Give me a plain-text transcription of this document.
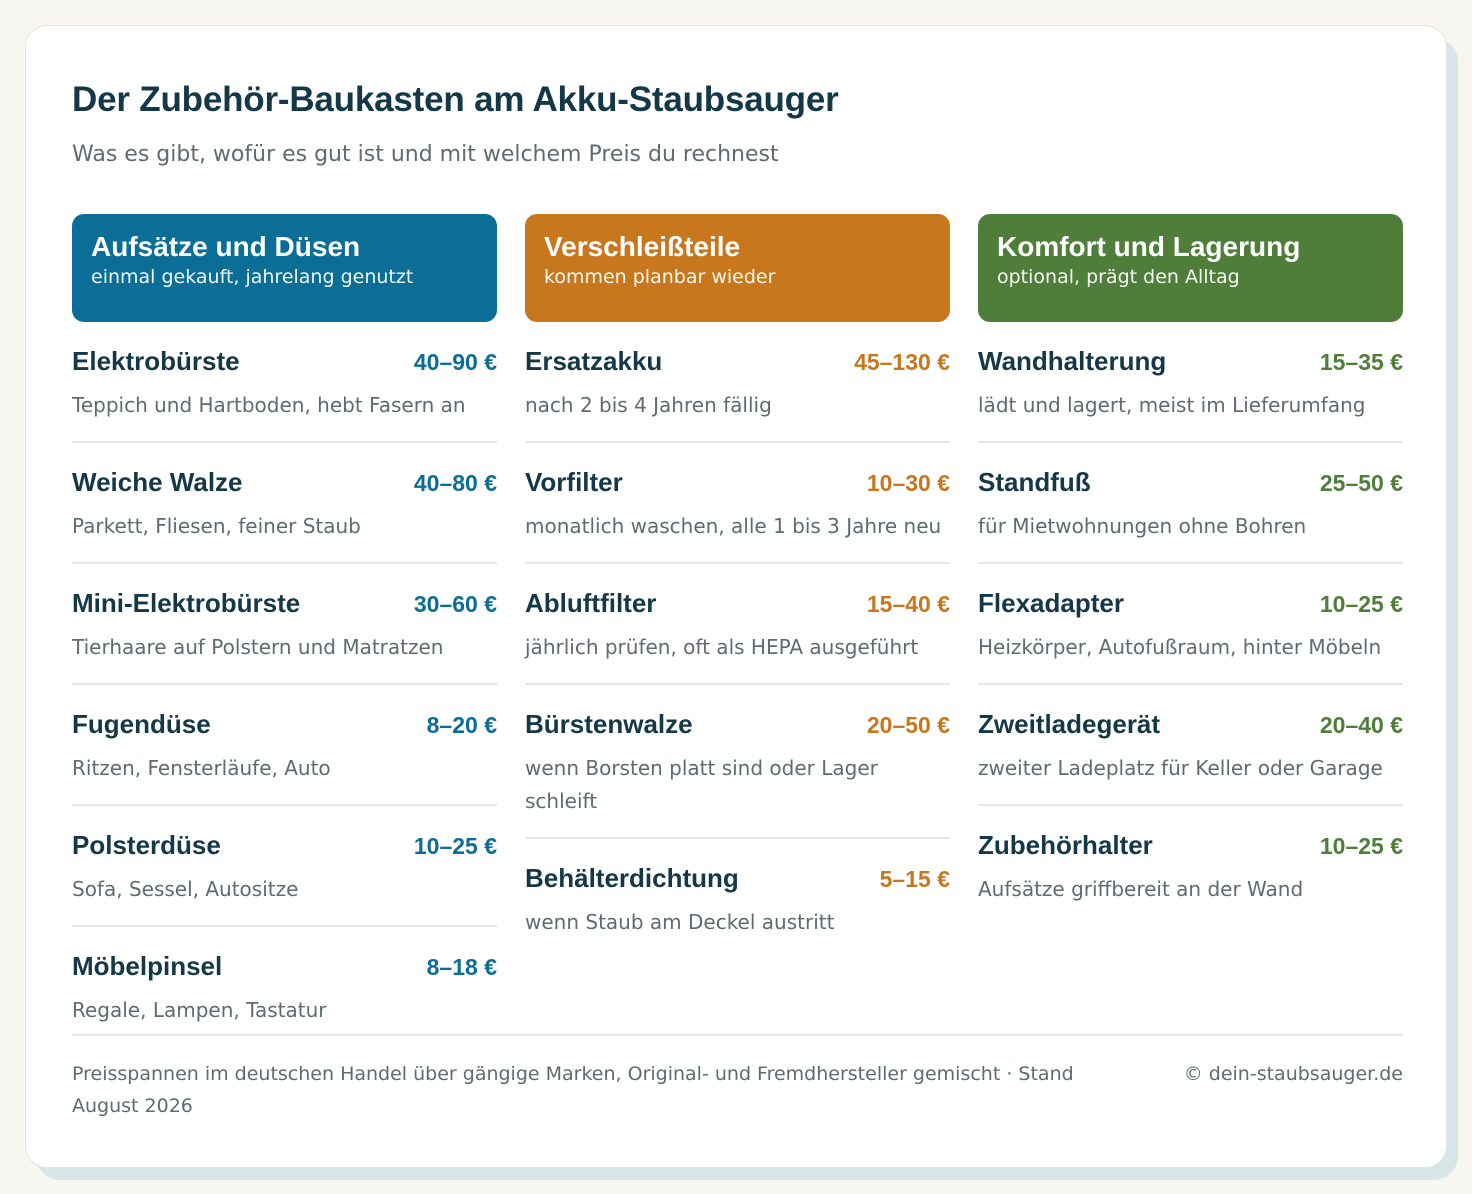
Der Zubehör-Baukasten am Akku-Staubsauger
Was es gibt, wofür es gut ist und mit welchem Preis du rechnest
Aufsätze und Düsen
einmal gekauft, jahrelang genutzt
Elektrobürste	40–90 €
Teppich und Hartboden, hebt Fasern an
Weiche Walze	40–80 €
Parkett, Fliesen, feiner Staub
Mini-Elektrobürste	30–60 €
Tierhaare auf Polstern und Matratzen
Fugendüse	8–20 €
Ritzen, Fensterläufe, Auto
Polsterdüse	10–25 €
Sofa, Sessel, Autositze
Möbelpinsel	8–18 €
Regale, Lampen, Tastatur
Verschleißteile
kommen planbar wieder
Ersatzakku	45–130 €
nach 2 bis 4 Jahren fällig
Vorfilter	10–30 €
monatlich waschen, alle 1 bis 3 Jahre neu
Abluftfilter	15–40 €
jährlich prüfen, oft als HEPA ausgeführt
Bürstenwalze	20–50 €
wenn Borsten platt sind oder Lager schleift
Behälterdichtung	5–15 €
wenn Staub am Deckel austritt
Komfort und Lagerung
optional, prägt den Alltag
Wandhalterung	15–35 €
lädt und lagert, meist im Lieferumfang
Standfuß	25–50 €
für Mietwohnungen ohne Bohren
Flexadapter	10–25 €
Heizkörper, Autofußraum, hinter Möbeln
Zweitladegerät	20–40 €
zweiter Ladeplatz für Keller oder Garage
Zubehörhalter	10–25 €
Aufsätze griffbereit an der Wand
Preisspannen im deutschen Handel über gängige Marken, Original- und Fremdhersteller gemischt · Stand August 2026
© dein-staubsauger.de
